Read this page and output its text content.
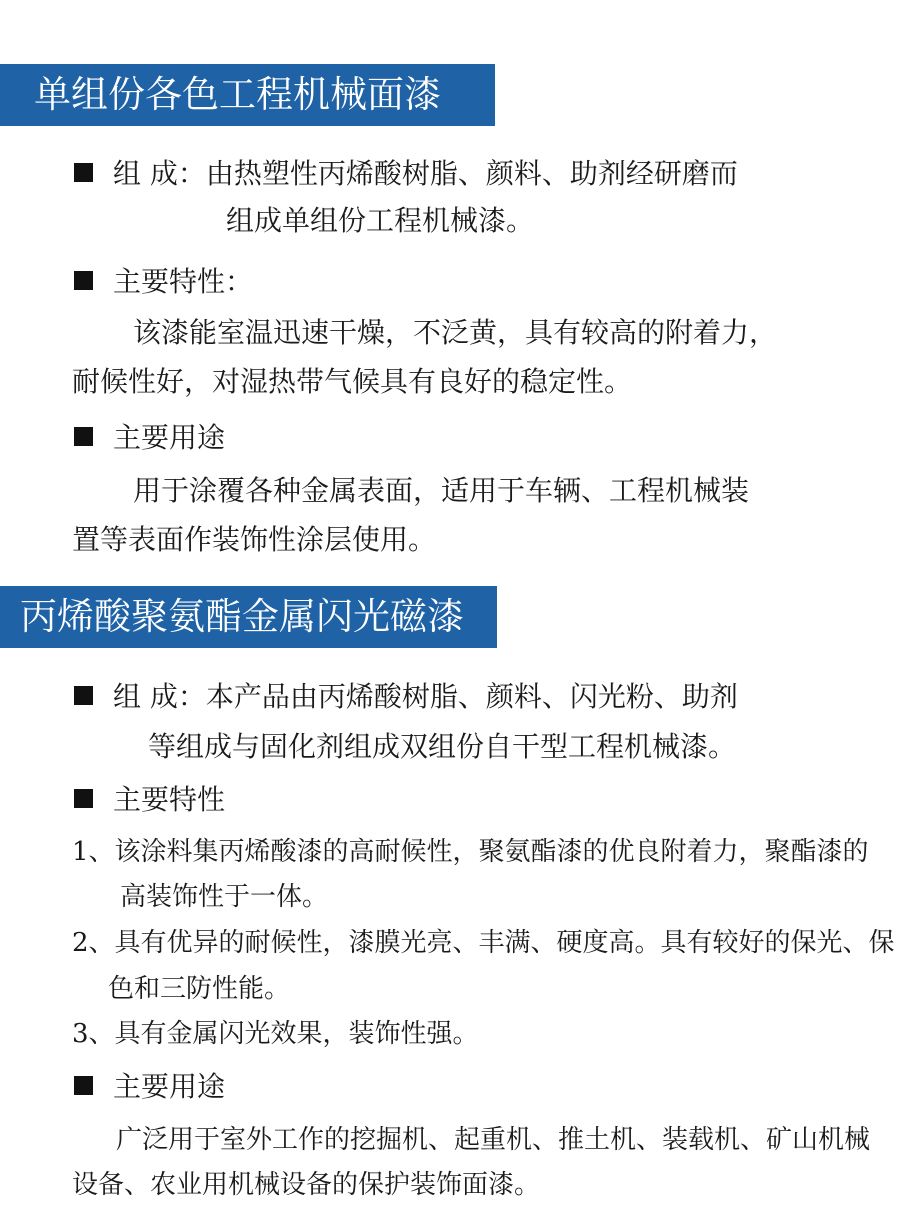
单组份各色工程机械面漆
组 成：由热塑性丙烯酸树脂、颜料、助剂经研磨而
组成单组份工程机械漆。
主要特性：
该漆能室温迅速干燥，不泛黄，具有较高的附着力，
耐候性好，对湿热带气候具有良好的稳定性。
主要用途
用于涂覆各种金属表面，适用于车辆、工程机械装
置等表面作装饰性涂层使用。
丙烯酸聚氨酯金属闪光磁漆
组 成：本产品由丙烯酸树脂、颜料、闪光粉、助剂
等组成与固化剂组成双组份自干型工程机械漆。
主要特性
1、该涂料集丙烯酸漆的高耐候性，聚氨酯漆的优良附着力，聚酯漆的
高装饰性于一体。
2、具有优异的耐候性，漆膜光亮、丰满、硬度高。具有较好的保光、保
色和三防性能。
3、具有金属闪光效果，装饰性强。
主要用途
广泛用于室外工作的挖掘机、起重机、推土机、装载机、矿山机械
设备、农业用机械设备的保护装饰面漆。
